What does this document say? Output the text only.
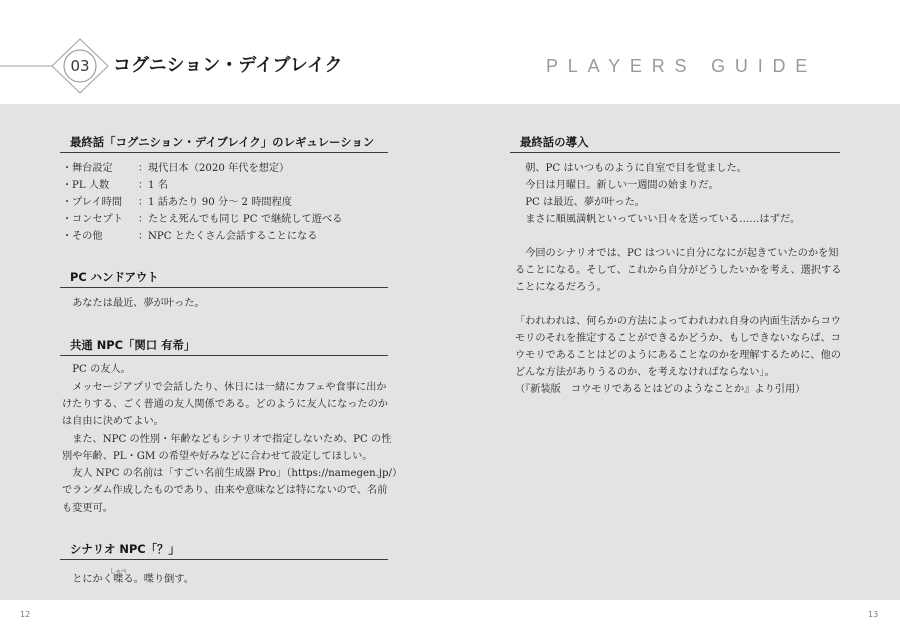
03	コグニション・デイブレイク	PLAYERS GUIDE
最終話「コグニション・デイブレイク」のレギュレーション
・舞台設定 ：現代日本（2020 年代を想定）
・PL 人数	：1 名
・プレイ時間 ：1 話あたり 90 分〜 2 時間程度
・コンセプト ：たとえ死んでも同じ PC で継続して遊べる
・その他	：NPC とたくさん会話することになる
PC ハンドアウト
あなたは最近、夢が叶った。
共通 NPC「関口 有希」
PC の友人。
メッセージアプリで会話したり、休日には一緒にカフェや食事に出か
けたりする、ごく普通の友人関係である。どのように友人になったのか
は自由に決めてよい。
また、NPC の性別・年齢などもシナリオで指定しないため、PC の性
別や年齢、PL・GM の希望や好みなどに合わせて設定してほしい。
友人 NPC の名前は「すごい名前生成器 Pro」（https://namegen.jp/）
でランダム作成したものであり、由来や意味などは特にないので、名前
も変更可。
シナリオ NPC「？」
とにかく喋しゃべる。喋り倒す。
12
最終話の導入
朝、PC はいつものように自室で目を覚ました。
今日は月曜日。新しい一週間の始まりだ。
PC は最近、夢が叶った。
まさに順風満帆といっていい日々を送っている……はずだ。
今回のシナリオでは、PC はついに自分になにが起きていたのかを知
ることになる。そして、これから自分がどうしたいかを考え、選択する
ことになるだろう。
「われわれは、何らかの方法によってわれわれ自身の内面生活からコウ
モリのそれを推定することができるかどうか、もしできないならば、コ
ウモリであることはどのようにあることなのかを理解するために、他の
どんな方法がありうるのか、を考えなければならない」。
（『新装版　コウモリであるとはどのようなことか』より引用）
13
